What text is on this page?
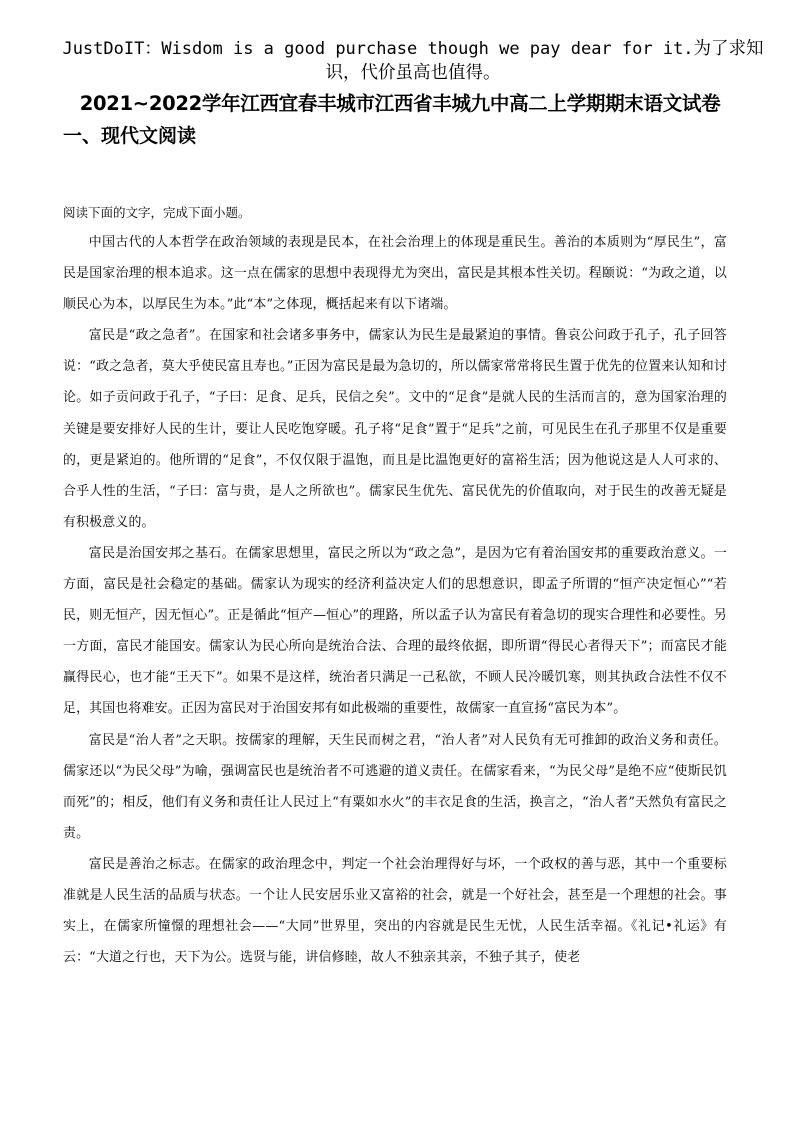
JustDoIT：Wisdom is a good purchase though we pay dear for it.为了求知识，代价虽高也值得。
2021~2022学年江西宜春丰城市江西省丰城九中高二上学期期末语文试卷
一、现代文阅读
阅读下面的文字，完成下面小题。

中国古代的人本哲学在政治领域的表现是民本，在社会治理上的体现是重民生。善治的本质则为“厚民生”，富民是国家治理的根本追求。这一点在儒家的思想中表现得尤为突出，富民是其根本性关切。程颐说：“为政之道，以顺民心为本，以厚民生为本。”此“本”之体现，概括起来有以下诸端。

富民是“政之急者”。在国家和社会诸多事务中，儒家认为民生是最紧迫的事情。鲁哀公问政于孔子，孔子回答说：“政之急者，莫大乎使民富且寿也。”正因为富民是最为急切的，所以儒家常常将民生置于优先的位置来认知和讨论。如子贡问政于孔子，“子曰：足食、足兵，民信之矣”。文中的“足食”是就人民的生活而言的，意为国家治理的关键是要安排好人民的生计，要让人民吃饱穿暖。孔子将“足食”置于“足兵”之前，可见民生在孔子那里不仅是重要的，更是紧迫的。他所谓的“足食”，不仅仅限于温饱，而且是比温饱更好的富裕生活；因为他说这是人人可求的、合乎人性的生活，“子曰：富与贵，是人之所欲也”。儒家民生优先、富民优先的价值取向，对于民生的改善无疑是有积极意义的。

富民是治国安邦之基石。在儒家思想里，富民之所以为“政之急”，是因为它有着治国安邦的重要政治意义。一方面，富民是社会稳定的基础。儒家认为现实的经济利益决定人们的思想意识，即孟子所谓的“恒产决定恒心”“若民，则无恒产，因无恒心”。正是循此“恒产—恒心”的理路，所以孟子认为富民有着急切的现实合理性和必要性。另一方面，富民才能国安。儒家认为民心所向是统治合法、合理的最终依据，即所谓“得民心者得天下”；而富民才能赢得民心，也才能“王天下”。如果不是这样，统治者只满足一己私欲，不顾人民冷暖饥寒，则其执政合法性不仅不足，其国也将难安。正因为富民对于治国安邦有如此极端的重要性，故儒家一直宣扬“富民为本”。

富民是“治人者”之天职。按儒家的理解，天生民而树之君，“治人者”对人民负有无可推卸的政治义务和责任。儒家还以“为民父母”为喻，强调富民也是统治者不可逃避的道义责任。在儒家看来，“为民父母”是绝不应“使斯民饥而死”的；相反，他们有义务和责任让人民过上“有粟如水火”的丰衣足食的生活，换言之，“治人者”天然负有富民之责。

富民是善治之标志。在儒家的政治理念中，判定一个社会治理得好与坏，一个政权的善与恶，其中一个重要标准就是人民生活的品质与状态。一个让人民安居乐业又富裕的社会，就是一个好社会，甚至是一个理想的社会。事实上，在儒家所憧憬的理想社会——“大同”世界里，突出的内容就是民生无忧，人民生活幸福。《礼记•礼运》有云：“大道之行也，天下为公。选贤与能，讲信修睦，故人不独亲其亲，不独子其子，使老
